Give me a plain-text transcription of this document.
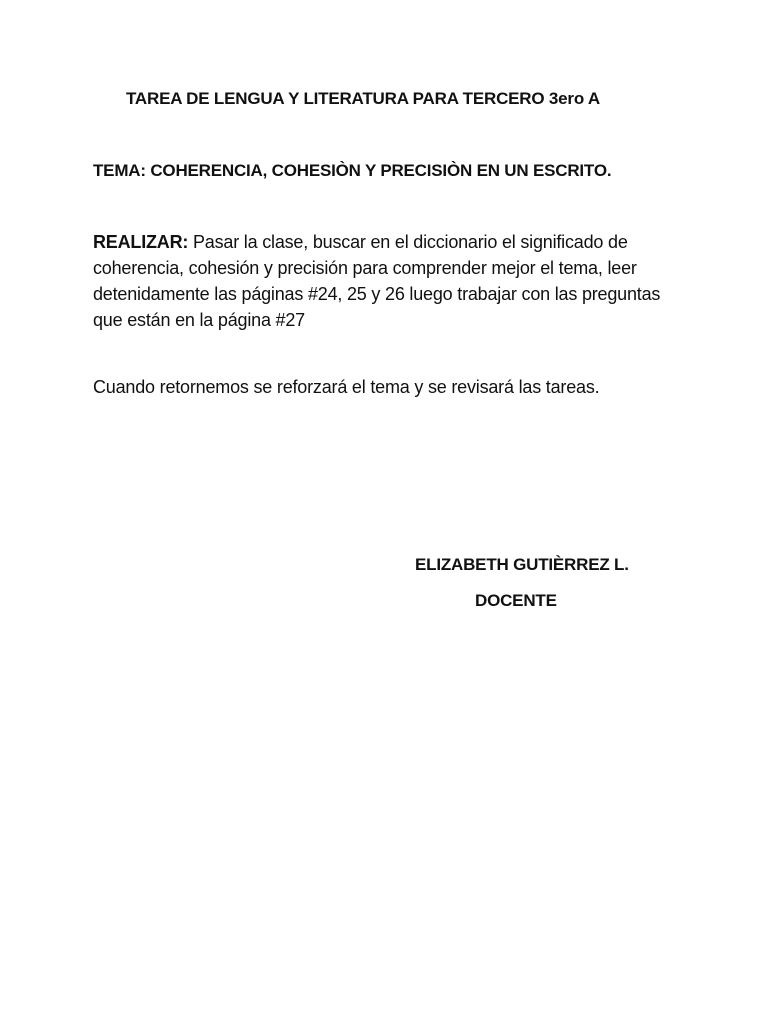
TAREA DE LENGUA Y LITERATURA PARA TERCERO 3ero A
TEMA: COHERENCIA, COHESIÒN Y PRECISIÒN EN UN ESCRITO.
REALIZAR: Pasar la clase, buscar en el diccionario el significado de coherencia, cohesión y precisión para comprender mejor el tema, leer detenidamente las páginas #24, 25 y 26 luego trabajar con las preguntas que están en la página #27
Cuando retornemos se reforzará el tema y se revisará las tareas.
ELIZABETH GUTIÈRREZ L.
DOCENTE
